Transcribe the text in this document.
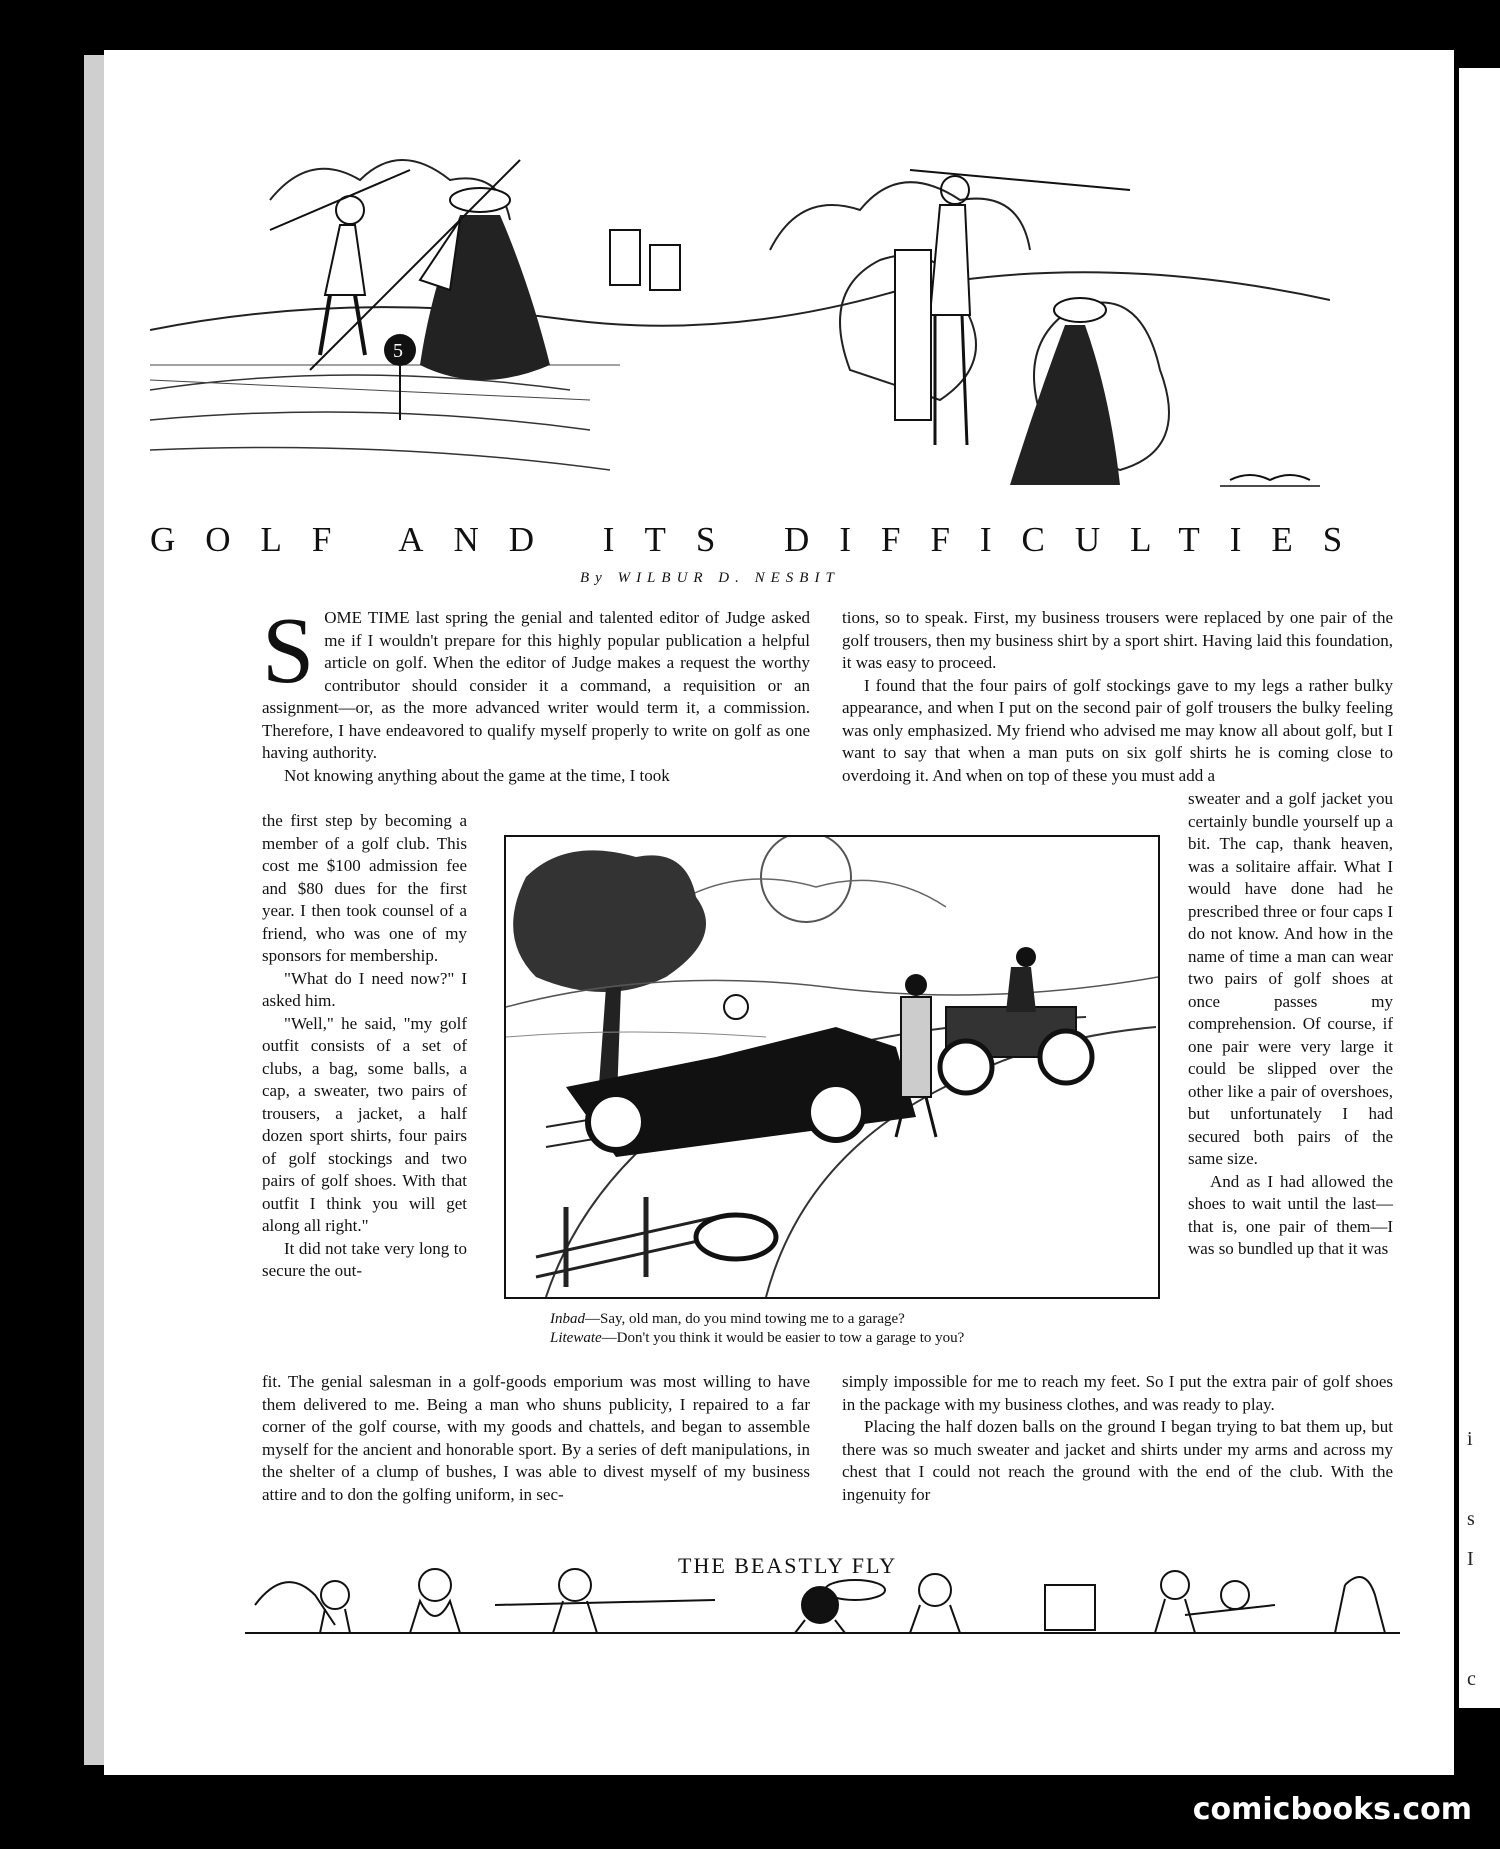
5
GOLF AND ITS DIFFICULTIES
By WILBUR D. NESBIT
S OME TIME last spring the genial and talented editor of Judge asked me if I wouldn't prepare for this highly popular publication a helpful article on golf. When the editor of Judge makes a request the worthy contributor should consider it a command, a requisition or an assignment—or, as the more advanced writer would term it, a commission. Therefore, I have endeavored to qualify myself properly to write on golf as one having authority.

Not knowing anything about the game at the time, I took

the first step by becoming a member of a golf club. This cost me $100 admission fee and $80 dues for the first year. I then took counsel of a friend, who was one of my sponsors for membership.

"What do I need now?" I asked him.

"Well," he said, "my golf outfit consists of a set of clubs, a bag, some balls, a cap, a sweater, two pairs of trousers, a jacket, a half dozen sport shirts, four pairs of golf stockings and two pairs of golf shoes. With that outfit I think you will get along all right."

It did not take very long to secure the out-

fit. The genial salesman in a golf-goods emporium was most willing to have them delivered to me. Being a man who shuns publicity, I repaired to a far corner of the golf course, with my goods and chattels, and began to assemble myself for the ancient and honorable sport. By a series of deft manipulations, in the shelter of a clump of bushes, I was able to divest myself of my business attire and to don the golfing uniform, in sec-

tions, so to speak. First, my business trousers were replaced by one pair of the golf trousers, then my business shirt by a sport shirt. Having laid this foundation, it was easy to proceed.

I found that the four pairs of golf stockings gave to my legs a rather bulky appearance, and when I put on the second pair of golf trousers the bulky feeling was only emphasized. My friend who advised me may know all about golf, but I want to say that when a man puts on six golf shirts he is coming close to overdoing it. And when on top of these you must add a

sweater and a golf jacket you certainly bundle yourself up a bit. The cap, thank heaven, was a solitaire affair. What I would have done had he prescribed three or four caps I do not know. And how in the name of time a man can wear two pairs of golf shoes at once passes my comprehension. Of course, if one pair were very large it could be slipped over the other like a pair of overshoes, but unfortunately I had secured both pairs of the same size.

And as I had allowed the shoes to wait until the last—that is, one pair of them—I was so bundled up that it was

simply impossible for me to reach my feet. So I put the extra pair of golf shoes in the package with my business clothes, and was ready to play.

Placing the half dozen balls on the ground I began trying to bat them up, but there was so much sweater and jacket and shirts under my arms and across my chest that I could not reach the ground with the end of the club. With the ingenuity for

Inbad—Say, old man, do you mind towing me to a garage?

Litewate—Don't you think it would be easier to tow a garage to you?

THE BEASTLY FLY
i
s
I
c
comicbooks.com
